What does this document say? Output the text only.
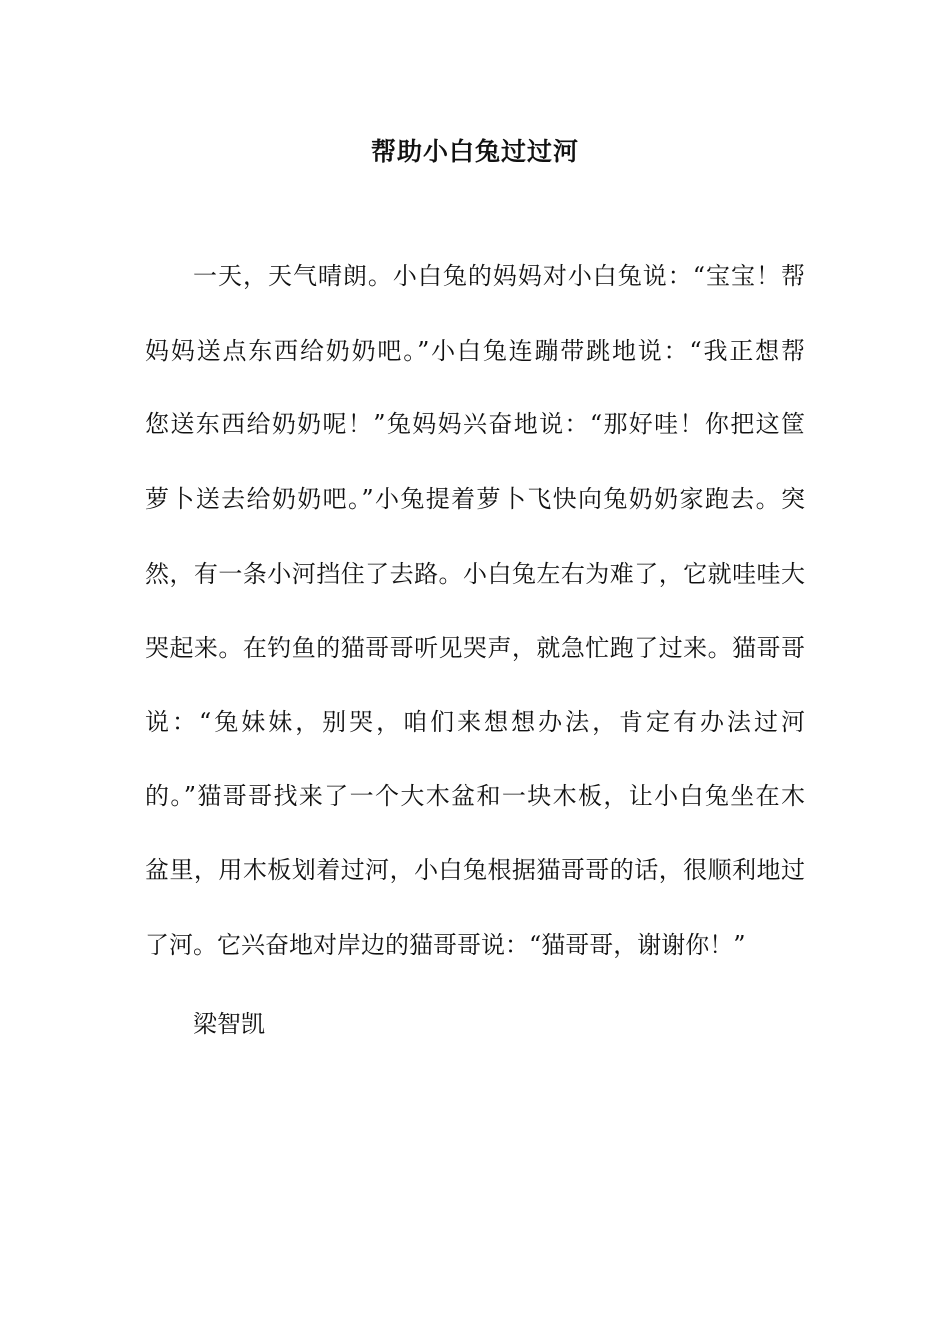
帮助小白兔过过河
一天，天气晴朗。小白兔的妈妈对小白兔说：“宝宝！帮
妈妈送点东西给奶奶吧。”小白兔连蹦带跳地说：“我正想帮
您送东西给奶奶呢！”兔妈妈兴奋地说：“那好哇！你把这筐
萝卜送去给奶奶吧。”小兔提着萝卜飞快向兔奶奶家跑去。突
然，有一条小河挡住了去路。小白兔左右为难了，它就哇哇大
哭起来。在钓鱼的猫哥哥听见哭声，就急忙跑了过来。猫哥哥
说：“兔妹妹，别哭，咱们来想想办法，肯定有办法过河
的。”猫哥哥找来了一个大木盆和一块木板，让小白兔坐在木
盆里，用木板划着过河，小白兔根据猫哥哥的话，很顺利地过
了河。它兴奋地对岸边的猫哥哥说：“猫哥哥，谢谢你！”
梁智凯
